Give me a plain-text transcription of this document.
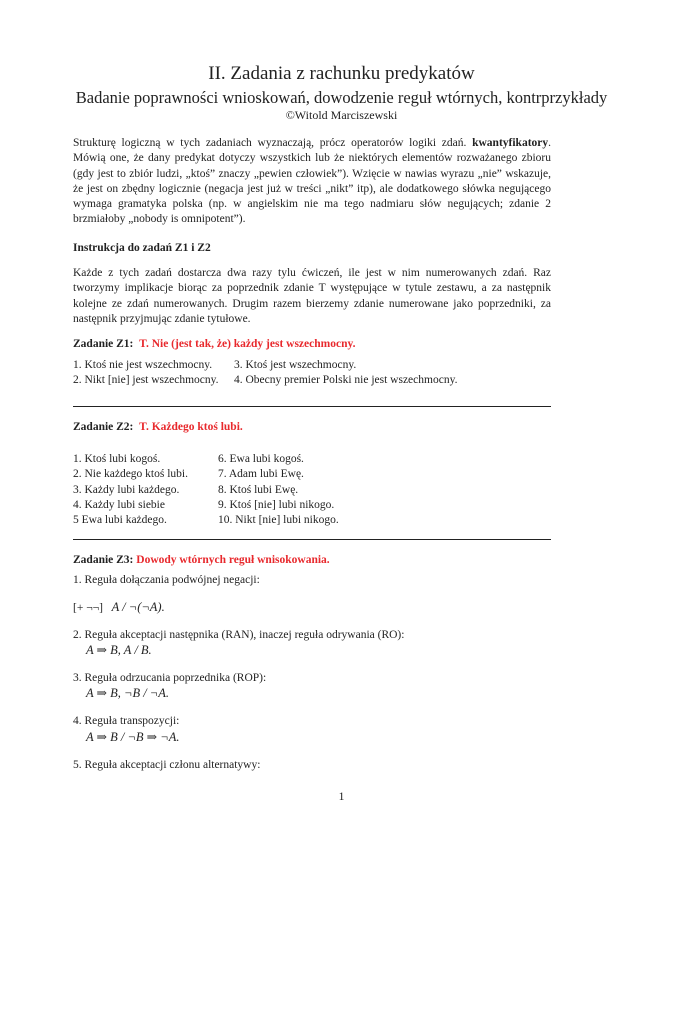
II. Zadania z rachunku predykatów
Badanie poprawności wnioskowań, dowodzenie reguł wtórnych, kontrprzykłady
©Witold Marciszewski
Strukturę logiczną w tych zadaniach wyznaczają, prócz operatorów logiki zdań. kwantyfikatory. Mówią one, że dany predykat dotyczy wszystkich lub że niektórych elementów rozważanego zbioru (gdy jest to zbiór ludzi, „ktoś” znaczy „pewien człowiek”). Wzięcie w nawias wyrazu „nie” wskazuje, że jest on zbędny logicznie (negacja jest już w treści „nikt” itp), ale dodatkowego słówka negującego wymaga gramatyka polska (np. w angielskim nie ma tego nadmiaru słów negujących; zdanie 2 brzmiałoby „nobody is omnipotent”).
Instrukcja do zadań Z1 i Z2
Każde z tych zadań dostarcza dwa razy tylu ćwiczeń, ile jest w nim numerowanych zdań. Raz tworzymy implikacje biorąc za poprzednik zdanie T występujące w tytule zestawu, a za następnik kolejne ze zdań numerowanych. Drugim razem bierzemy zdanie numerowane jako poprzedniki, za następnik przyjmując zdanie tytułowe.
Zadanie Z1: T. Nie (jest tak, że) każdy jest wszechmocny.
1. Ktoś nie jest wszechmocny.
2. Nikt [nie] jest wszechmocny.
3. Ktoś jest wszechmocny.
4. Obecny premier Polski nie jest wszechmocny.
Zadanie Z2: T. Każdego ktoś lubi.
1. Ktoś lubi kogoś.
2. Nie każdego ktoś lubi.
3. Każdy lubi każdego.
4. Każdy lubi siebie
5 Ewa lubi każdego.
6. Ewa lubi kogoś.
7. Adam lubi Ewę.
8. Ktoś lubi Ewę.
9. Ktoś [nie] lubi nikogo.
10. Nikt [nie] lubi nikogo.
Zadanie Z3: Dowody wtórnych reguł wnisokowania.
1. Reguła dołączania podwójnej negacji:
[+ ¬¬] A / ¬(¬A).
2. Reguła akceptacji następnika (RAN), inaczej reguła odrywania (RO):
A ⇒ B, A / B.
3. Reguła odrzucania poprzednika (ROP):
A ⇒ B, ¬B / ¬A.
4. Reguła transpozycji:
A ⇒ B / ¬B ⇒ ¬A.
5. Reguła akceptacji członu alternatywy:
1
